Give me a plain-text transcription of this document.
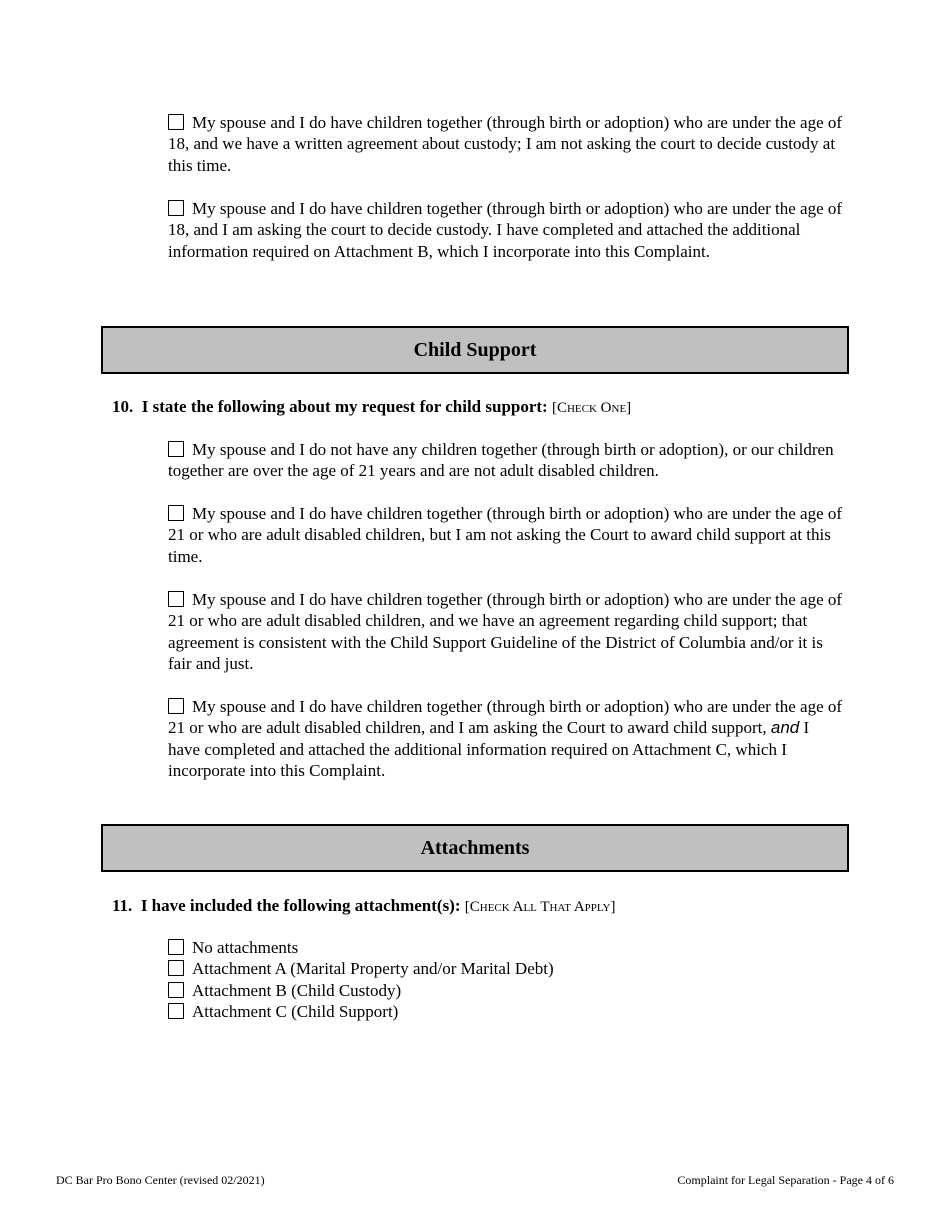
My spouse and I do have children together (through birth or adoption) who are under the age of 18, and we have a written agreement about custody; I am not asking the court to decide custody at this time.
My spouse and I do have children together (through birth or adoption) who are under the age of 18, and I am asking the court to decide custody. I have completed and attached the additional information required on Attachment B, which I incorporate into this Complaint.
Child Support
10. I state the following about my request for child support: [Check One]
My spouse and I do not have any children together (through birth or adoption), or our children together are over the age of 21 years and are not adult disabled children.
My spouse and I do have children together (through birth or adoption) who are under the age of 21 or who are adult disabled children, but I am not asking the Court to award child support at this time.
My spouse and I do have children together (through birth or adoption) who are under the age of 21 or who are adult disabled children, and we have an agreement regarding child support; that agreement is consistent with the Child Support Guideline of the District of Columbia and/or it is fair and just.
My spouse and I do have children together (through birth or adoption) who are under the age of 21 or who are adult disabled children, and I am asking the Court to award child support, and I have completed and attached the additional information required on Attachment C, which I incorporate into this Complaint.
Attachments
11. I have included the following attachment(s): [Check All That Apply]
No attachments
Attachment A (Marital Property and/or Marital Debt)
Attachment B (Child Custody)
Attachment C (Child Support)
DC Bar Pro Bono Center (revised 02/2021)	Complaint for Legal Separation - Page 4 of 6
